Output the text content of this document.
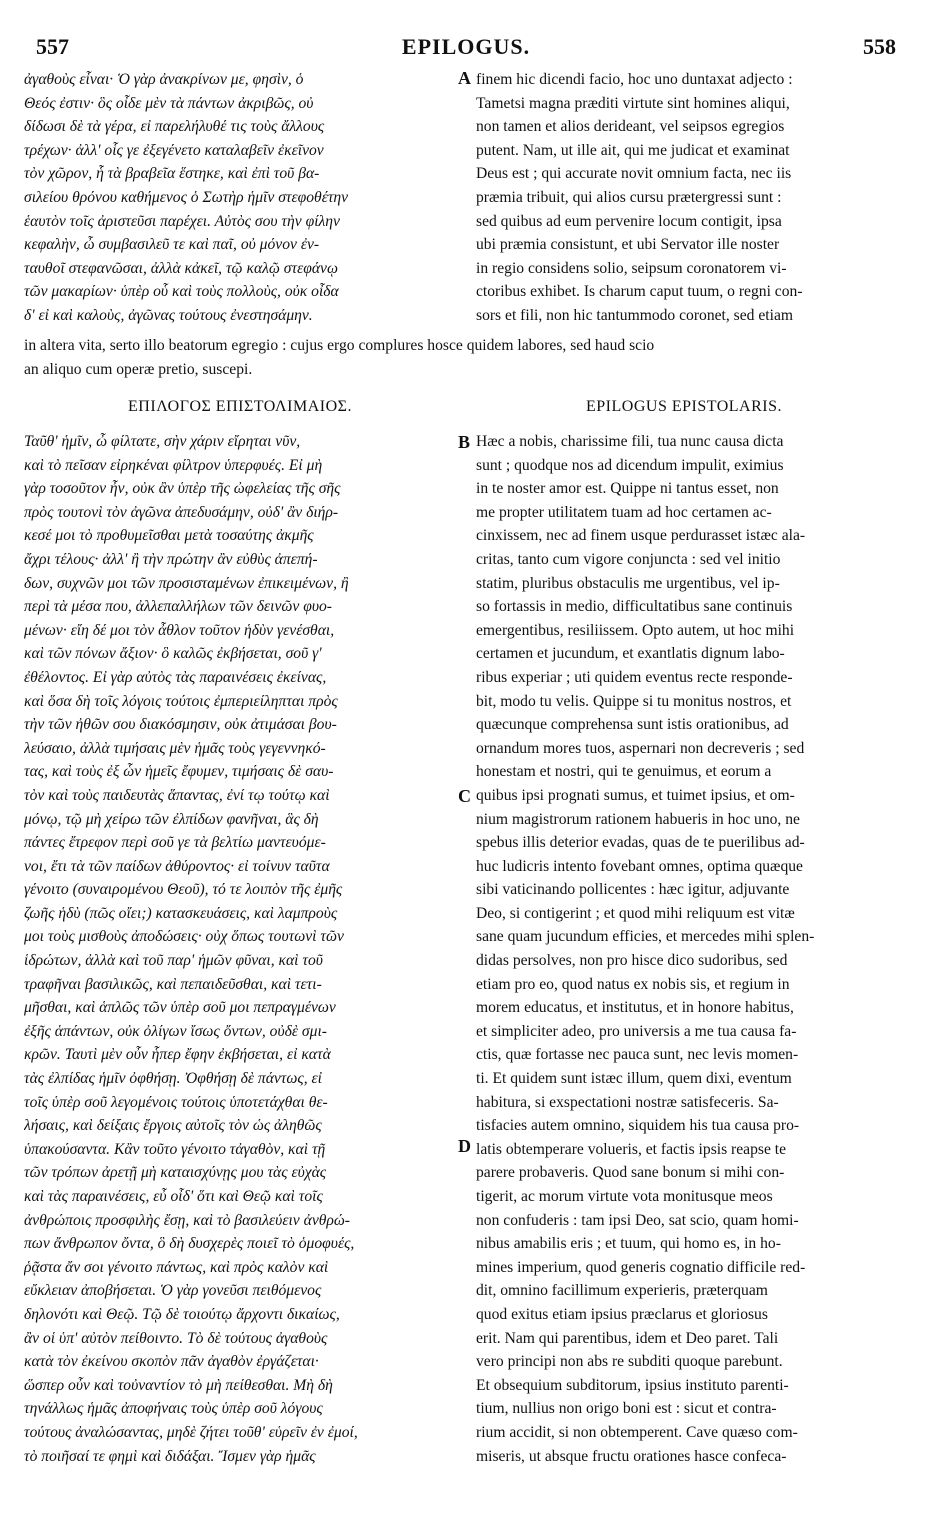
557	EPILOGUS.	558
ἀγαθοὺς εἶναι· Ὁ γὰρ ἀνακρίνων με, φησὶν, ὁ
Θεός ἐστιν· ὃς οἶδε μὲν τὰ πάντων ἀκριβῶς, οὐ
δίδωσι δὲ τὰ γέρα, εἰ παρελήλυθέ τις τοὺς ἄλλους
τρέχων· ἀλλ' οἷς γε ἐξεγένετο καταλαβεῖν ἐκεῖνον
τὸν χῶρον, ἧ τὰ βραβεῖα ἕστηκε, καὶ ἐπὶ τοῦ βα-
σιλείου θρόνου καθήμενος ὁ Σωτὴρ ἡμῖν στεφοθέτην
ἑαυτὸν τοῖς ἀριστεῦσι παρέχει. Αὐτὸς σου τὴν φίλην
κεφαλὴν, ὦ συμβασιλεῦ τε καὶ παῖ, οὐ μόνον ἐν-
ταυθοῖ στεφανῶσαι, ἀλλὰ κἀκεῖ, τῷ καλῷ στεφάνῳ
τῶν μακαρίων· ὑπὲρ οὗ καὶ τοὺς πολλοὺς, οὐκ οἶδα
δ' εἰ καὶ καλοὺς, ἀγῶνας τούτους ἐνεστησάμην.
A finem hic dicendi facio, hoc uno duntaxat adjecto :
Tametsi magna præditi virtute sint homines aliqui,
non tamen et alios derideant, vel seipsos egregios
putent. Nam, ut ille ait, qui me judicat et examinat
Deus est ; qui accurate novit omnium facta, nec iis
præmia tribuit, qui alios cursu prætergressi sunt :
sed quibus ad eum pervenire locum contigit, ipsa
ubi præmia consistunt, et ubi Servator ille noster
in regio considens solio, seipsum coronatorem vi-
ctoribus exhibet. Is charum caput tuum, o regni con-
sors et fili, non hic tantummodo coronet, sed etiam
in altera vita, serto illo beatorum egregio : cujus ergo complures hosce quidem labores, sed haud scio
an aliquo cum operæ pretio, suscepi.
ΕΠΙΛΟΓΟΣ ΕΠΙΣΤΟΛΙΜΑΙΟΣ.	EPILOGUS EPISTOLARIS.
Ταῦθ' ἡμῖν, ὦ φίλτατε, σὴν χάριν εἴρηται νῦν,
καὶ τὸ πεῖσαν εἰρηκέναι φίλτρον ὑπερφυές. Εἰ μὴ
γὰρ τοσοῦτον ἦν, οὐκ ἂν ὑπὲρ τῆς ὠφελείας τῆς σῆς
πρὸς τουτονὶ τὸν ἀγῶνα ἀπεδυσάμην, οὐδ' ἂν διήρ-
κεσέ μοι τὸ προθυμεῖσθαι μετὰ τοσαύτης ἀκμῆς
ἄχρι τέλους· ἀλλ' ἢ τὴν πρώτην ἂν εὐθὺς ἀπεπή-
δων, συχνῶν μοι τῶν προσισταμένων ἐπικειμένων, ἢ
περὶ τὰ μέσα που, ἀλλεπαλλήλων τῶν δεινῶν φυο-
μένων· εἴη δέ μοι τὸν ἆθλον τοῦτον ἡδὺν γενέσθαι,
καὶ τῶν πόνων ἄξιον· ὃ καλῶς ἐκβήσεται, σοῦ γ'
ἐθέλοντος. Εἰ γὰρ αὐτὸς τὰς παραινέσεις ἐκείνας,
καὶ ὅσα δὴ τοῖς λόγοις τούτοις ἐμπεριείληπται πρὸς
τὴν τῶν ἠθῶν σου διακόσμησιν, οὐκ ἀτιμάσαι βου-
λεύσαιο, ἀλλὰ τιμήσαις μὲν ἡμᾶς τοὺς γεγεννηκό-
τας, καὶ τοὺς ἐξ ὧν ἡμεῖς ἔφυμεν, τιμήσαις δὲ σαυ-
τὸν καὶ τοὺς παιδευτὰς ἅπαντας, ἐνί τῳ τούτῳ καὶ
μόνῳ, τῷ μὴ χείρω τῶν ἐλπίδων φανῆναι, ἃς δὴ
πάντες ἔτρεφον περὶ σοῦ γε τὰ βελτίω μαντευόμε-
νοι, ἔτι τὰ τῶν παίδων ἀθύροντος· εἰ τοίνυν ταῦτα
γένοιτο (συναιρομένου Θεοῦ), τό τε λοιπὸν τῆς ἐμῆς
ζωῆς ἡδὺ (πῶς οἴει;) κατασκευάσεις, καὶ λαμπροὺς
μοι τοὺς μισθοὺς ἀποδώσεις· οὐχ ὅπως τουτωνὶ τῶν
ἱδρώτων, ἀλλὰ καὶ τοῦ παρ' ἡμῶν φῦναι, καὶ τοῦ
τραφῆναι βασιλικῶς, καὶ πεπαιδεῦσθαι, καὶ τετι-
μῆσθαι, καὶ ἁπλῶς τῶν ὑπὲρ σοῦ μοι πεπραγμένων
ἐξῆς ἁπάντων, οὐκ ὀλίγων ἴσως ὄντων, οὐδὲ σμι-
κρῶν. Ταυτὶ μὲν οὖν ἧπερ ἔφην ἐκβήσεται, εἰ κατὰ
τὰς ἐλπίδας ἡμῖν ὀφθήσῃ. Ὀφθήσῃ δὲ πάντως, εἰ
τοῖς ὑπὲρ σοῦ λεγομένοις τούτοις ὑποτετάχθαι θε-
λήσαις, καὶ δείξαις ἔργοις αὐτοῖς τὸν ὡς ἀληθῶς
ὑπακούσαντα. Κἂν τοῦτο γένοιτο τἀγαθὸν, καὶ τῇ
τῶν τρόπων ἀρετῇ μὴ καταισχύνῃς μου τὰς εὐχὰς
καὶ τὰς παραινέσεις, εὖ οἶδ' ὅτι καὶ Θεῷ καὶ τοῖς
ἀνθρώποις προσφιλὴς ἔσῃ, καὶ τὸ βασιλεύειν ἀνθρώ-
πων ἄνθρωπον ὄντα, ὃ δὴ δυσχερὲς ποιεῖ τὸ ὁμοφυές,
ῥᾷστα ἄν σοι γένοιτο πάντως, καὶ πρὸς καλὸν καὶ
εὔκλειαν ἀποβήσεται. Ὁ γὰρ γονεῦσι πειθόμενος
δηλονότι καὶ Θεῷ. Τῷ δὲ τοιούτῳ ἄρχοντι δικαίως,
ἂν οἱ ὑπ' αὐτὸν πείθοιντο. Τὸ δὲ τούτους ἀγαθοὺς
κατὰ τὸν ἐκείνου σκοπὸν πᾶν ἀγαθὸν ἐργάζεται·
ὥσπερ οὖν καὶ τοὐναντίον τὸ μὴ πείθεσθαι. Μὴ δὴ
τηνάλλως ἡμᾶς ἀποφήναις τοὺς ὑπὲρ σοῦ λόγους
τούτους ἀναλώσαντας, μηδὲ ζήτει τοῦθ' εὑρεῖν ἐν ἐμοί,
τὸ ποιῆσαί τε φημὶ καὶ διδάξαι. Ἴσμεν γὰρ ἡμᾶς
B
C
D
Hæc a nobis, charissime fili, tua nunc causa dicta
sunt ; quodque nos ad dicendum impulit, eximius
in te noster amor est. Quippe ni tantus esset, non
me propter utilitatem tuam ad hoc certamen ac-
cinxissem, nec ad finem usque perdurasset istæc ala-
critas, tanto cum vigore conjuncta : sed vel initio
statim, pluribus obstaculis me urgentibus, vel ip-
so fortassis in medio, difficultatibus sane continuis
emergentibus, resiliissem. Opto autem, ut hoc mihi
certamen et jucundum, et exantlatis dignum labo-
ribus experiar ; uti quidem eventus recte responde-
bit, modo tu velis. Quippe si tu monitus nostros, et
quæcunque comprehensa sunt istis orationibus, ad
ornandum mores tuos, aspernari non decreveris ; sed
honestam et nostri, qui te genuimus, et eorum a
quibus ipsi prognati sumus, et tuimet ipsius, et om-
nium magistrorum rationem habueris in hoc uno, ne
spebus illis deterior evadas, quas de te puerilibus ad-
huc ludicris intento fovebant omnes, optima quæque
sibi vaticinando pollicentes : hæc igitur, adjuvante
Deo, si contigerint ; et quod mihi reliquum est vitæ
sane quam jucundum efficies, et mercedes mihi splen-
didas persolves, non pro hisce dico sudoribus, sed
etiam pro eo, quod natus ex nobis sis, et regium in
morem educatus, et institutus, et in honore habitus,
et simpliciter adeo, pro universis a me tua causa fa-
ctis, quæ fortasse nec pauca sunt, nec levis momen-
ti. Et quidem sunt istæc illum, quem dixi, eventum
habitura, si exspectationi nostræ satisfeceris. Sa-
tisfacies autem omnino, siquidem his tua causa pro-
latis obtemperare volueris, et factis ipsis reapse te
parere probaveris. Quod sane bonum si mihi con-
tigerit, ac morum virtute vota monitusque meos
non confuderis : tam ipsi Deo, sat scio, quam homi-
nibus amabilis eris ; et tuum, qui homo es, in ho-
mines imperium, quod generis cognatio difficile red-
dit, omnino facillimum experieris, præterquam
quod exitus etiam ipsius præclarus et gloriosus
erit. Nam qui parentibus, idem et Deo paret. Tali
vero principi non abs re subditi quoque parebunt.
Et obsequium subditorum, ipsius instituto parenti-
tium, nullius non origo boni est : sicut et contra-
rium accidit, si non obtemperent. Cave quæso com-
miseris, ut absque fructu orationes hasce confeca-
